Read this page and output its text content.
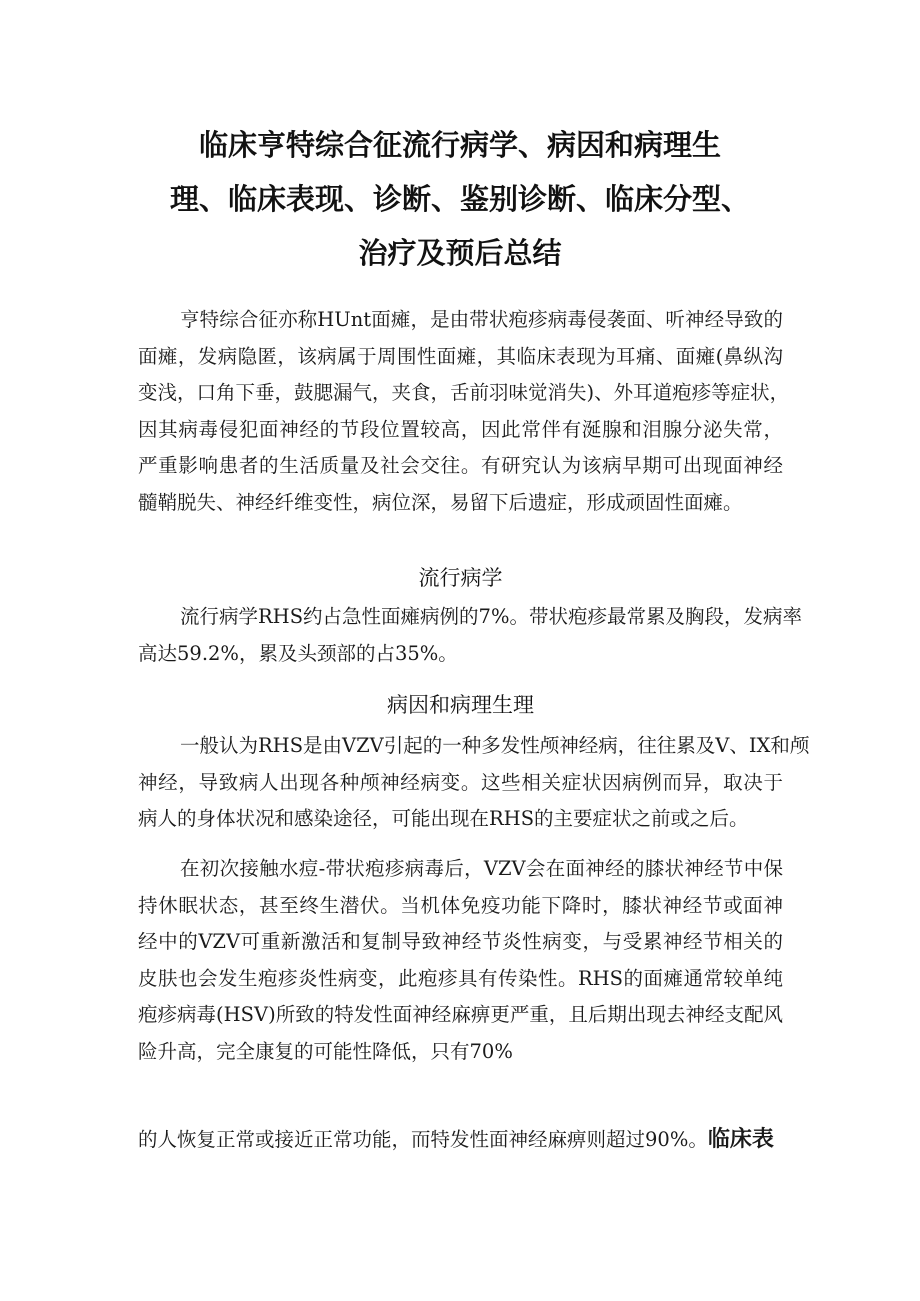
临床亨特综合征流行病学、病因和病理生
理、临床表现、诊断、鉴别诊断、临床分型、
治疗及预后总结
亨特综合征亦称HUnt面瘫，是由带状疱疹病毒侵袭面、听神经导致的
面瘫，发病隐匿，该病属于周围性面瘫，其临床表现为耳痛、面瘫(鼻纵沟
变浅，口角下垂，鼓腮漏气，夹食，舌前羽味觉消失)、外耳道疱疹等症状，
因其病毒侵犯面神经的节段位置较高，因此常伴有涎腺和泪腺分泌失常，
严重影响患者的生活质量及社会交往。有研究认为该病早期可出现面神经
髓鞘脱失、神经纤维变性，病位深，易留下后遗症，形成顽固性面瘫。
流行病学
流行病学RHS约占急性面瘫病例的7%。带状疱疹最常累及胸段，发病率
高达59.2%，累及头颈部的占35%。
病因和病理生理
一般认为RHS是由VZV引起的一种多发性颅神经病，往往累及V、IX和颅
神经，导致病人出现各种颅神经病变。这些相关症状因病例而异，取决于
病人的身体状况和感染途径，可能出现在RHS的主要症状之前或之后。
在初次接触水痘-带状疱疹病毒后，VZV会在面神经的膝状神经节中保
持休眠状态，甚至终生潜伏。当机体免疫功能下降时，膝状神经节或面神
经中的VZV可重新激活和复制导致神经节炎性病变，与受累神经节相关的
皮肤也会发生疱疹炎性病变，此疱疹具有传染性。RHS的面瘫通常较单纯
疱疹病毒(HSV)所致的特发性面神经麻痹更严重，且后期出现去神经支配风
险升高，完全康复的可能性降低，只有70%
的人恢复正常或接近正常功能，而特发性面神经麻痹则超过90%。临床表
